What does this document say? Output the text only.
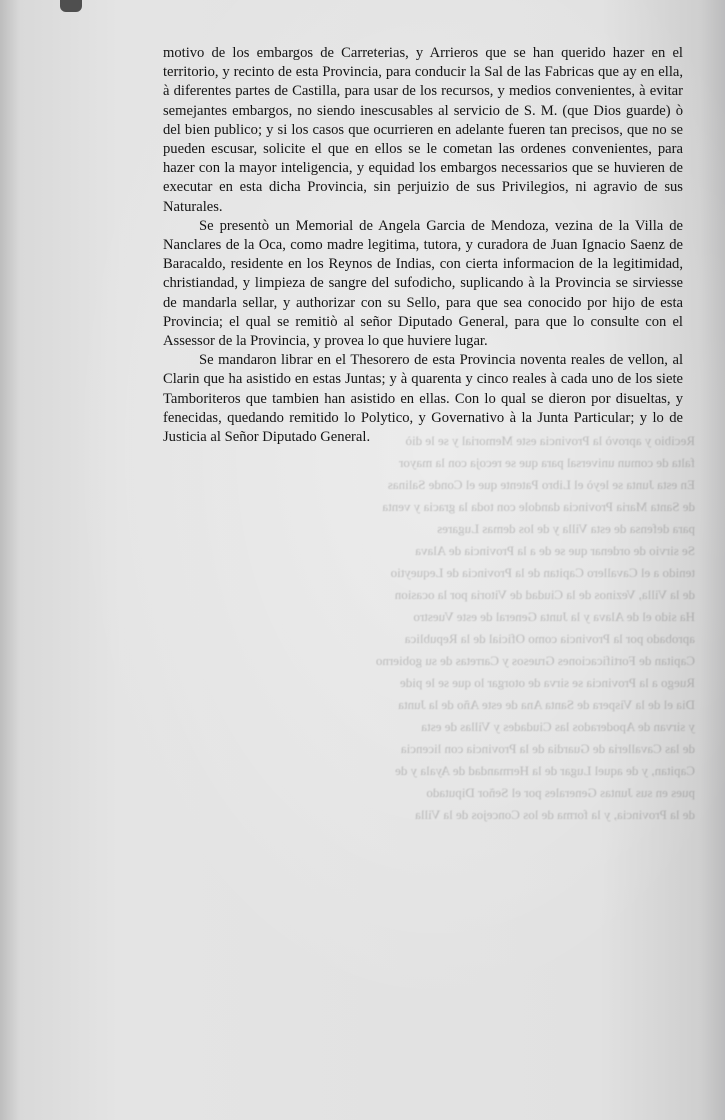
Recibio y aprovò la Provincia este Memorial y se le diò
falta de comun universal para que se recoja con la mayor
En esta Junta se leyò el Libro Patente que el Conde Salinas
de Santa Maria Provincia dandole con toda la gracia y venta
para defensa de esta Villa y de los demas Lugares
Se sirvio de ordenar que se de a la Provincia de Alava
tenido a el Cavallero Capitan de la Provincia de Lequeytio
de la Villa, Vezinos de la Ciudad de Vitoria por la ocasion
Ha sido el de Alava y la Junta General de este Vuestro
aprobado por la Provincia como Oficial de la Republica
Capitan de Fortificaciones Gruesos y Carretas de su gobierno
Ruego a la Provincia se sirva de otorgar lo que se le pide
Dia el de la Vispera de Santa Ana de este Año de la Junta
y sirvan de Apoderados las Ciudades y Villas de esta
de las Cavalleria de Guardia de la Provincia con licencia
Capitan, y de aquel Lugar de la Hermandad de Ayala y de
pues en sus Juntas Generales por el Señor Diputado
de la Provincia, y la forma de los Concejos de la Villa

motivo de los embargos de Carreterias, y Arrieros que se han querido hazer en el territorio, y recinto de esta Provincia, para conducir la Sal de las Fabricas que ay en ella, à diferentes partes de Castilla, para usar de los recursos, y medios convenientes, à evitar semejantes embargos, no siendo inescusables al servicio de S. M. (que Dios guarde) ò del bien publico; y si los casos que ocurrieren en adelante fueren tan precisos, que no se pueden escusar, solicite el que en ellos se le cometan las ordenes convenientes, para hazer con la mayor inteligencia, y equidad los embargos necessarios que se huvieren de executar en esta dicha Provincia, sin perjuizio de sus Privilegios, ni agravio de sus Naturales.

Se presentò un Memorial de Angela Garcia de Mendoza, vezina de la Villa de Nanclares de la Oca, como madre legitima, tutora, y curadora de Juan Ignacio Saenz de Baracaldo, residente en los Reynos de Indias, con cierta informacion de la legitimidad, christiandad, y limpieza de sangre del sufodicho, suplicando à la Provincia se sirviesse de mandarla sellar, y authorizar con su Sello, para que sea conocido por hijo de esta Provincia; el qual se remitiò al señor Diputado General, para que lo consulte con el Assessor de la Provincia, y provea lo que huviere lugar.

Se mandaron librar en el Thesorero de esta Provincia noventa reales de vellon, al Clarin que ha asistido en estas Juntas; y à quarenta y cinco reales à cada uno de los siete Tamboriteros que tambien han asistido en ellas. Con lo qual se dieron por disueltas, y fenecidas, quedando remitido lo Polytico, y Governativo à la Junta Particular; y lo de Justicia al Señor Diputado General.
